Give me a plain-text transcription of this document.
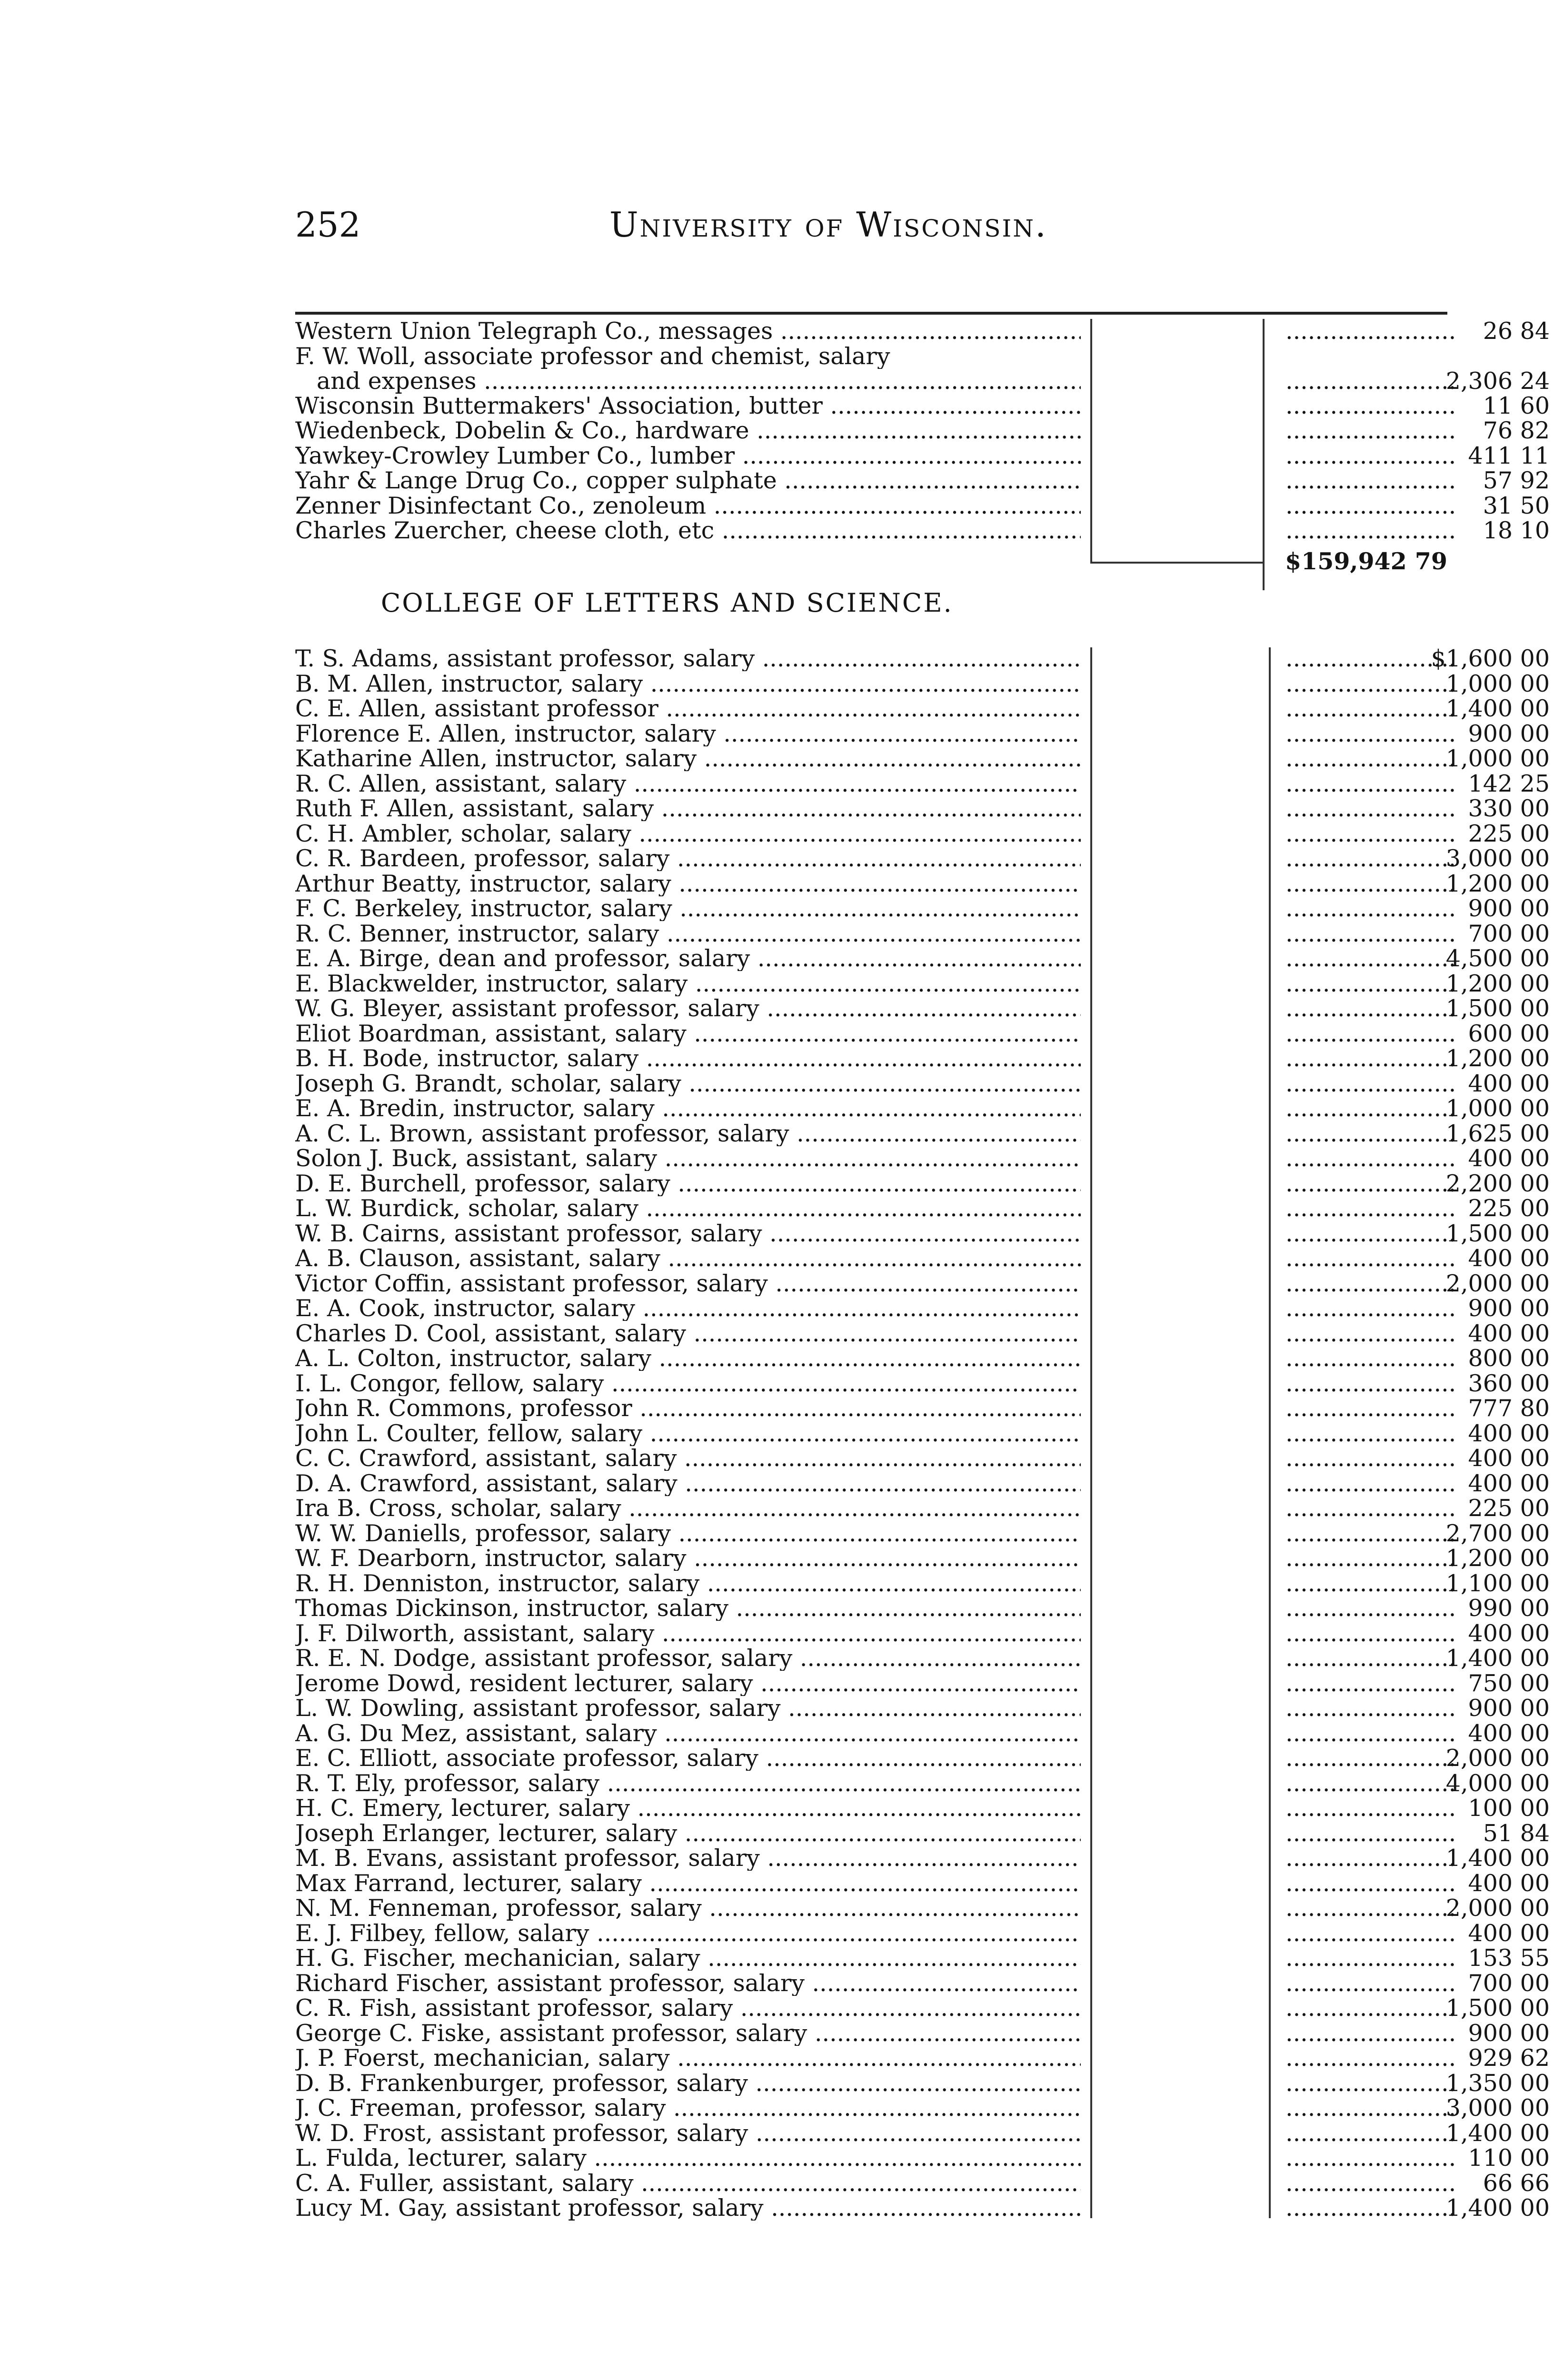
252	University of Wisconsin.
Western Union Telegraph Co., messages .....	26 84
.....
F. W. Woll, associate professor and chemist, salary
and expenses .....	2,306 24
.....
Wisconsin Buttermakers' Association, butter .....	11 60
.....
Wiedenbeck, Dobelin & Co., hardware .....	76 82
.....
Yawkey-Crowley Lumber Co., lumber .....	411 11
.....
Yahr & Lange Drug Co., copper sulphate .....	57 92
.....
Zenner Disinfectant Co., zenoleum .....	31 50
.....
Charles Zuercher, cheese cloth, etc .....	18 10
.....
$159,942 79
COLLEGE OF LETTERS AND SCIENCE.
T. S. Adams, assistant professor, salary .....	$1,600 00
.....
B. M. Allen, instructor, salary .....	1,000 00
.....
C. E. Allen, assistant professor .....	1,400 00
.....
Florence E. Allen, instructor, salary .....	900 00
.....
Katharine Allen, instructor, salary .....	1,000 00
.....
R. C. Allen, assistant, salary .....	142 25
.....
Ruth F. Allen, assistant, salary .....	330 00
.....
C. H. Ambler, scholar, salary .....	225 00
.....
C. R. Bardeen, professor, salary .....	3,000 00
.....
Arthur Beatty, instructor, salary .....	1,200 00
.....
F. C. Berkeley, instructor, salary .....	900 00
.....
R. C. Benner, instructor, salary .....	700 00
.....
E. A. Birge, dean and professor, salary .....	4,500 00
.....
E. Blackwelder, instructor, salary .....	1,200 00
.....
W. G. Bleyer, assistant professor, salary .....	1,500 00
.....
Eliot Boardman, assistant, salary .....	600 00
.....
B. H. Bode, instructor, salary .....	1,200 00
.....
Joseph G. Brandt, scholar, salary .....	400 00
.....
E. A. Bredin, instructor, salary .....	1,000 00
.....
A. C. L. Brown, assistant professor, salary .....	1,625 00
.....
Solon J. Buck, assistant, salary .....	400 00
.....
D. E. Burchell, professor, salary .....	2,200 00
.....
L. W. Burdick, scholar, salary .....	225 00
.....
W. B. Cairns, assistant professor, salary .....	1,500 00
.....
A. B. Clauson, assistant, salary .....	400 00
.....
Victor Coffin, assistant professor, salary .....	2,000 00
.....
E. A. Cook, instructor, salary .....	900 00
.....
Charles D. Cool, assistant, salary .....	400 00
.....
A. L. Colton, instructor, salary .....	800 00
.....
I. L. Congor, fellow, salary .....	360 00
.....
John R. Commons, professor .....	777 80
.....
John L. Coulter, fellow, salary .....	400 00
.....
C. C. Crawford, assistant, salary .....	400 00
.....
D. A. Crawford, assistant, salary .....	400 00
.....
Ira B. Cross, scholar, salary .....	225 00
.....
W. W. Daniells, professor, salary .....	2,700 00
.....
W. F. Dearborn, instructor, salary .....	1,200 00
.....
R. H. Denniston, instructor, salary .....	1,100 00
.....
Thomas Dickinson, instructor, salary .....	990 00
.....
J. F. Dilworth, assistant, salary .....	400 00
.....
R. E. N. Dodge, assistant professor, salary .....	1,400 00
.....
Jerome Dowd, resident lecturer, salary .....	750 00
.....
L. W. Dowling, assistant professor, salary .....	900 00
.....
A. G. Du Mez, assistant, salary .....	400 00
.....
E. C. Elliott, associate professor, salary .....	2,000 00
.....
R. T. Ely, professor, salary .....	4,000 00
.....
H. C. Emery, lecturer, salary .....	100 00
.....
Joseph Erlanger, lecturer, salary .....	51 84
.....
M. B. Evans, assistant professor, salary .....	1,400 00
.....
Max Farrand, lecturer, salary .....	400 00
.....
N. M. Fenneman, professor, salary .....	2,000 00
.....
E. J. Filbey, fellow, salary .....	400 00
.....
H. G. Fischer, mechanician, salary .....	153 55
.....
Richard Fischer, assistant professor, salary .....	700 00
.....
C. R. Fish, assistant professor, salary .....	1,500 00
.....
George C. Fiske, assistant professor, salary .....	900 00
.....
J. P. Foerst, mechanician, salary .....	929 62
.....
D. B. Frankenburger, professor, salary .....	1,350 00
.....
J. C. Freeman, professor, salary .....	3,000 00
.....
W. D. Frost, assistant professor, salary .....	1,400 00
.....
L. Fulda, lecturer, salary .....	110 00
.....
C. A. Fuller, assistant, salary .....	66 66
.....
Lucy M. Gay, assistant professor, salary .....	1,400 00
.....
